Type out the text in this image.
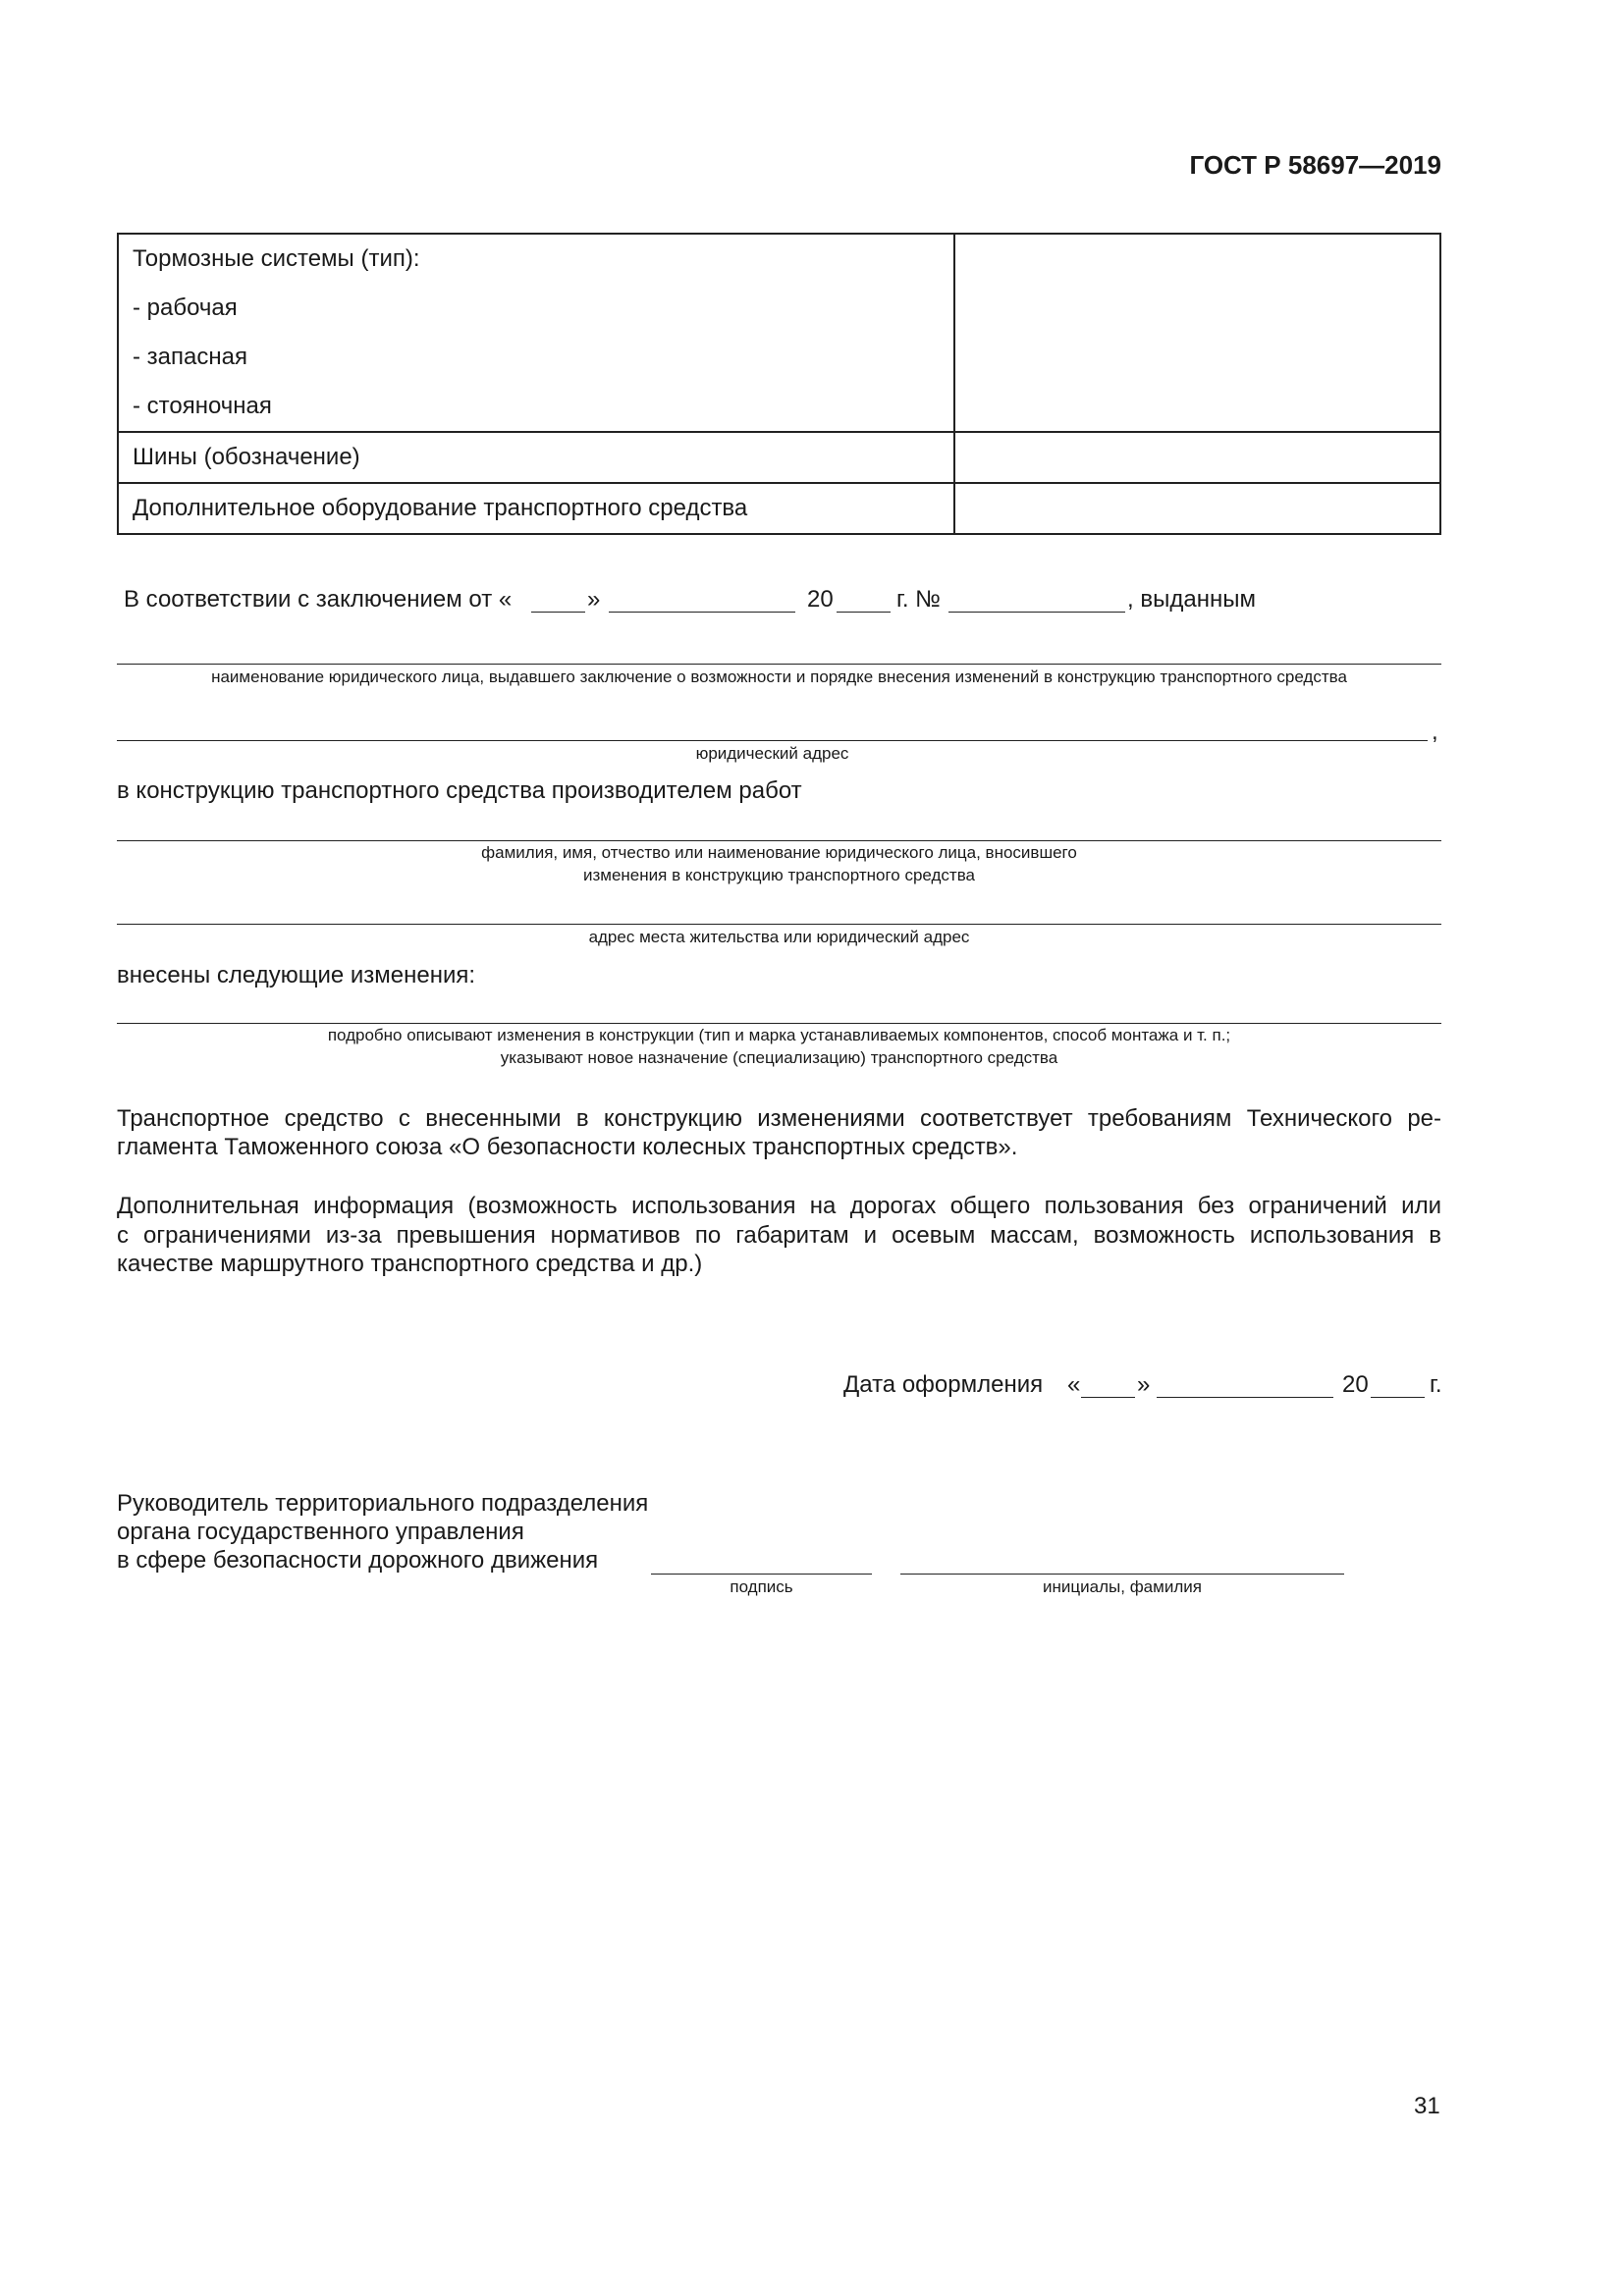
ГОСТ Р 58697—2019
Тормозные системы (тип):
- рабочая
- запасная
- стояночная	

Шины (обозначение)	
Дополнительное оборудование транспортного средства	
В соответствии с заключением от «	»	20	г. №	, выданным
наименование юридического лица, выдавшего заключение о возможности и порядке внесения изменений в конструкцию транспортного средства
,
юридический адрес
в конструкцию транспортного средства производителем работ
фамилия, имя, отчество или наименование юридического лица, вносившего
изменения в конструкцию транспортного средства
адрес места жительства или юридический адрес
внесены следующие изменения:
подробно описывают изменения в конструкции (тип и марка устанавливаемых компонентов, способ монтажа и т. п.;
указывают новое назначение (специализацию) транспортного средства
Транспортное средство с внесенными в конструкцию изменениями соответствует требованиям Технического ре-
гламента Таможенного союза «О безопасности колесных транспортных средств».
Дополнительная информация (возможность использования на дорогах общего пользования без ограничений или
с ограничениями из-за превышения нормативов по габаритам и осевым массам, возможность использования в
качестве маршрутного транспортного средства и др.)
Дата оформления « »	20	г.
Руководитель территориального подразделения
органа государственного управления
в сфере безопасности дорожного движения
подпись	инициалы, фамилия
31
